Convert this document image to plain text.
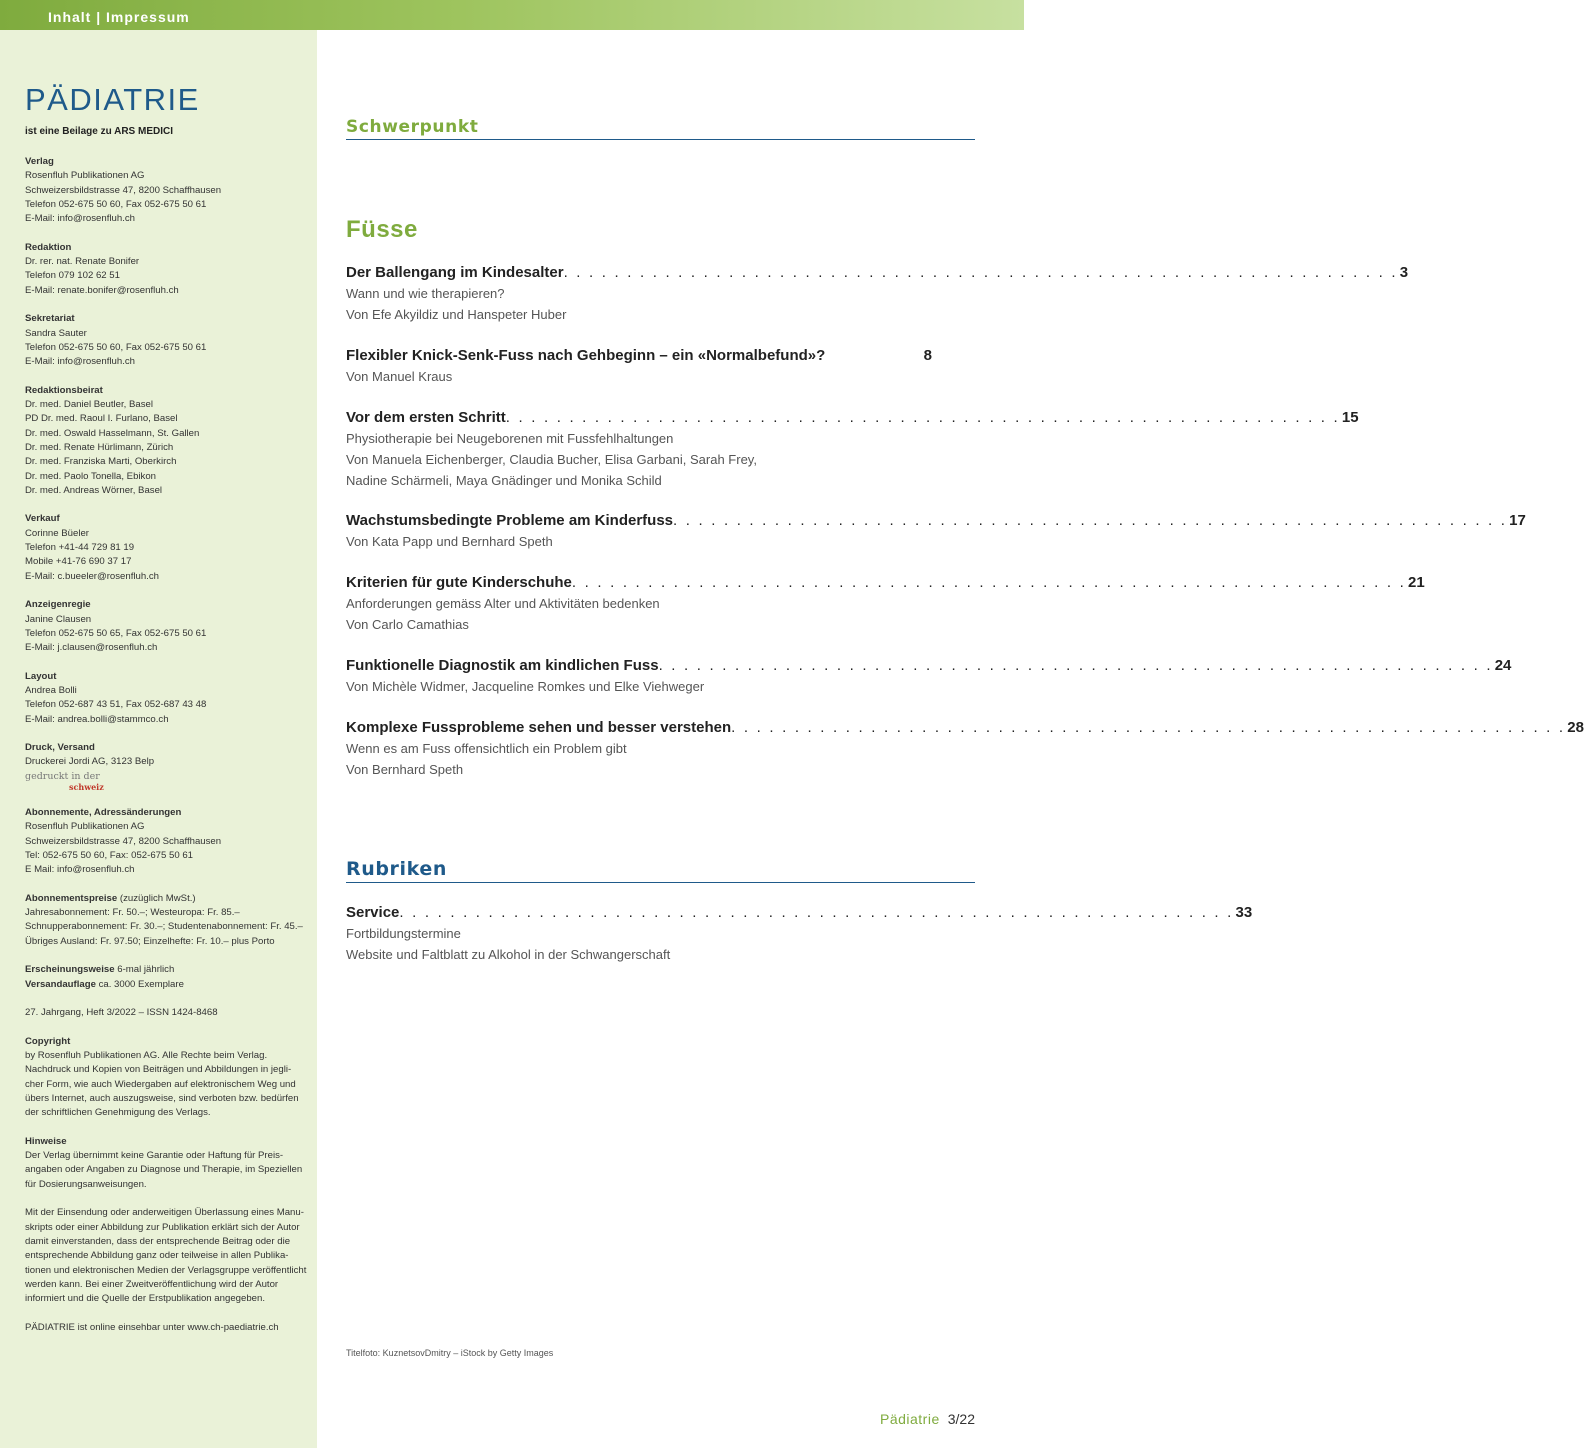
Inhalt | Impressum
PÄDIATRIE
ist eine Beilage zu ARS MEDICI
Verlag
Rosenfluh Publikationen AG
Schweizersbildstrasse 47, 8200 Schaffhausen
Telefon 052-675 50 60, Fax 052-675 50 61
E-Mail: info@rosenfluh.ch
Redaktion
Dr. rer. nat. Renate Bonifer
Telefon 079 102 62 51
E-Mail: renate.bonifer@rosenfluh.ch
Sekretariat
Sandra Sauter
Telefon 052-675 50 60, Fax 052-675 50 61
E-Mail: info@rosenfluh.ch
Redaktionsbeirat
Dr. med. Daniel Beutler, Basel
PD Dr. med. Raoul I. Furlano, Basel
Dr. med. Oswald Hasselmann, St. Gallen
Dr. med. Renate Hürlimann, Zürich
Dr. med. Franziska Marti, Oberkirch
Dr. med. Paolo Tonella, Ebikon
Dr. med. Andreas Wörner, Basel
Verkauf
Corinne Büeler
Telefon +41-44 729 81 19
Mobile +41-76 690 37 17
E-Mail: c.bueeler@rosenfluh.ch
Anzeigenregie
Janine Clausen
Telefon 052-675 50 65, Fax 052-675 50 61
E-Mail: j.clausen@rosenfluh.ch
Layout
Andrea Bolli
Telefon 052-687 43 51, Fax 052-687 43 48
E-Mail: andrea.bolli@stammco.ch
Druck, Versand
Druckerei Jordi AG, 3123 Belp
gedruckt in der
schweiz
Abonnemente, Adressänderungen
Rosenfluh Publikationen AG
Schweizersbildstrasse 47, 8200 Schaffhausen
Tel: 052-675 50 60, Fax: 052-675 50 61
E Mail: info@rosenfluh.ch
Abonnementspreise (zuzüglich MwSt.)
Jahresabonnement: Fr. 50.–; Westeuropa: Fr. 85.–
Schnupperabonnement: Fr. 30.–; Studentenabonnement: Fr. 45.–
Übriges Ausland: Fr. 97.50; Einzelhefte: Fr. 10.– plus Porto
Erscheinungsweise 6-mal jährlich
Versandauflage ca. 3000 Exemplare
27. Jahrgang, Heft 3/2022 – ISSN 1424-8468
Copyright
by Rosenfluh Publikationen AG. Alle Rechte beim Verlag.
Nachdruck und Kopien von Beiträgen und Abbildungen in jegli-
cher Form, wie auch Wiedergaben auf elektronischem Weg und
übers Internet, auch auszugsweise, sind verboten bzw. bedürfen
der schriftlichen Genehmigung des Verlags.
Hinweise
Der Verlag übernimmt keine Garantie oder Haftung für Preis-
angaben oder Angaben zu Diagnose und Therapie, im Speziellen
für Dosierungsanweisungen.
Mit der Einsendung oder anderweitigen Überlassung eines Manu-
skripts oder einer Abbildung zur Publikation erklärt sich der Autor
damit einverstanden, dass der entsprechende Beitrag oder die
entsprechende Abbildung ganz oder teilweise in allen Publika-
tionen und elektronischen Medien der Verlagsgruppe veröffentlicht
werden kann. Bei einer Zweitveröffentlichung wird der Autor
informiert und die Quelle der Erstpublikation angegeben.
PÄDIATRIE ist online einsehbar unter www.ch-paediatrie.ch
Schwerpunkt
Füsse
Der Ballengang im Kindesalter . . . . . . . . . . . . . . . . . . . . . . . . . . . . . . . . . . . . . . . . . . . . . . . . . . . . . . . . . . . . . . . . . . 3
Wann und wie therapieren?
Von Efe Akyildiz und Hanspeter Huber
Flexibler Knick-Senk-Fuss nach Gehbeginn – ein «Normalbefund»?	8
Von Manuel Kraus
Vor dem ersten Schritt . . . . . . . . . . . . . . . . . . . . . . . . . . . . . . . . . . . . . . . . . . . . . . . . . . . . . . . . . . . . . . . . . . 15
Physiotherapie bei Neugeborenen mit Fussfehlhaltungen
Von Manuela Eichenberger, Claudia Bucher, Elisa Garbani, Sarah Frey,
Nadine Schärmeli, Maya Gnädinger und Monika Schild
Wachstumsbedingte Probleme am Kinderfuss . . . . . . . . . . . . . . . . . . . . . . . . . . . . . . . . . . . . . . . . . . . . . . . . . . . . . . . . . . . . . . . . . . 17
Von Kata Papp und Bernhard Speth
Kriterien für gute Kinderschuhe . . . . . . . . . . . . . . . . . . . . . . . . . . . . . . . . . . . . . . . . . . . . . . . . . . . . . . . . . . . . . . . . . . 21
Anforderungen gemäss Alter und Aktivitäten bedenken
Von Carlo Camathias
Funktionelle Diagnostik am kindlichen Fuss . . . . . . . . . . . . . . . . . . . . . . . . . . . . . . . . . . . . . . . . . . . . . . . . . . . . . . . . . . . . . . . . . . 24
Von Michèle Widmer, Jacqueline Romkes und Elke Viehweger
Komplexe Fussprobleme sehen und besser verstehen . . . . . . . . . . . . . . . . . . . . . . . . . . . . . . . . . . . . . . . . . . . . . . . . . . . . . . . . . . . . . . . . . . 28
Wenn es am Fuss offensichtlich ein Problem gibt
Von Bernhard Speth
Rubriken
Service . . . . . . . . . . . . . . . . . . . . . . . . . . . . . . . . . . . . . . . . . . . . . . . . . . . . . . . . . . . . . . . . . . 33
Fortbildungstermine
Website und Faltblatt zu Alkohol in der Schwangerschaft
Titelfoto: KuznetsovDmitry – iStock by Getty Images
Pädiatrie 3/22
